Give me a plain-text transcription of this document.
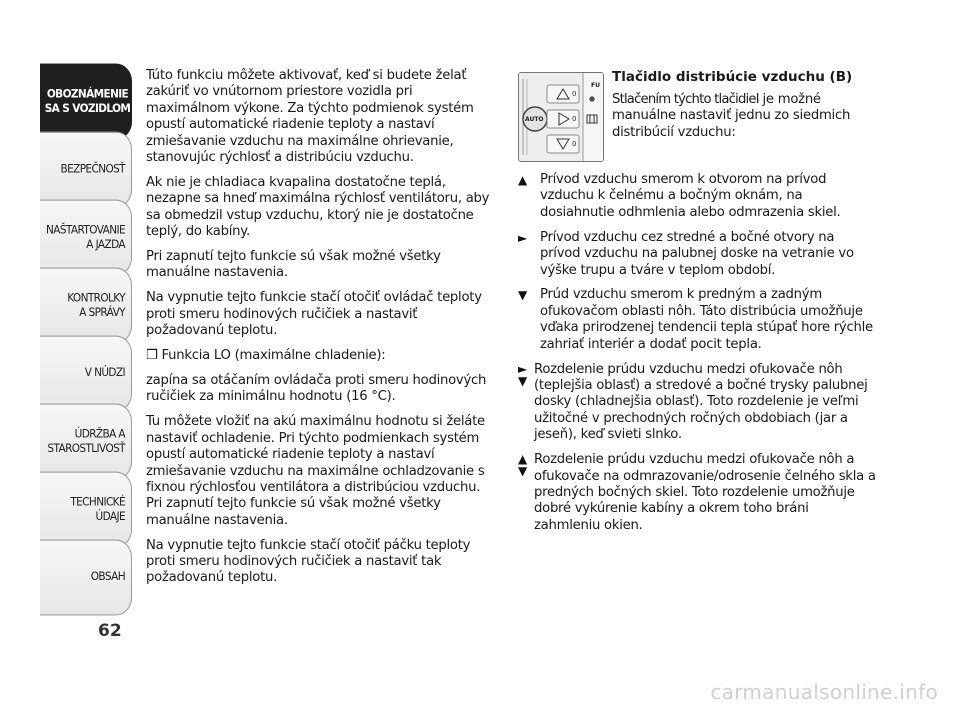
OBOZNÁMENIE
SA S VOZIDLOM
BEZPEČNOSŤ
NAŠTARTOVANIE
A JAZDA
KONTROLKY
A SPRÁVY
V NÚDZI
ÚDRŽBA A
STAROSTLIVOSŤ
TECHNICKÉ
ÚDAJE
OBSAH
62

Túto funkciu môžete aktivovať, keď si budete želať zakúriť vo vnútornom priestore vozidla pri maximálnom výkone. Za týchto podmienok systém opustí automatické riadenie teploty a nastaví zmiešavanie vzduchu na maximálne ohrievanie, stanovujúc rýchlosť a distribúciu vzduchu.

Ak nie je chladiaca kvapalina dostatočne teplá, nezapne sa hneď maximálna rýchlosť ventilátoru, aby sa obmedzil vstup vzduchu, ktorý nie je dostatočne teplý, do kabíny.

Pri zapnutí tejto funkcie sú však možné všetky manuálne nastavenia.

Na vypnutie tejto funkcie stačí otočiť ovládač teploty proti smeru hodinových ručičiek a nastaviť požadovanú teplotu.

❒ Funkcia LO (maximálne chladenie):

zapína sa otáčaním ovládača proti smeru hodinových ručičiek za minimálnu hodnotu (16 °C).

Tu môžete vložiť na akú maximálnu hodnotu si želáte nastaviť ochladenie. Pri týchto podmienkach systém opustí automatické riadenie teploty a nastaví zmiešavanie vzduchu na maximálne ochladzovanie s fixnou rýchlosťou ventilátora a distribúciou vzduchu. Pri zapnutí tejto funkcie sú však možné všetky manuálne nastavenia.

Na vypnutie tejto funkcie stačí otočiť páčku teploty proti smeru hodinových ručičiek a nastaviť tak požadovanú teplotu.

AUTO
FU
0
0
0
Tlačidlo distribúcie vzduchu (B)
Stlačením týchto tlačidiel je možné manuálne nastaviť jednu zo siedmich distribúcií vzduchu:
▲ Prívod vzduchu smerom k otvorom na prívod vzduchu k čelnému a bočným oknám, na dosiahnutie odhmlenia alebo odmrazenia skiel.
► Prívod vzduchu cez stredné a bočné otvory na prívod vzduchu na palubnej doske na vetranie vo výške trupu a tváre v teplom období.
▼ Prúd vzduchu smerom k predným a zadným ofukovačom oblasti nôh. Táto distribúcia umožňuje vďaka prirodzenej tendencii tepla stúpať hore rýchle zahriať interiér a dodať pocit tepla.
►
▼
Rozdelenie prúdu vzduchu medzi ofukovače nôh (teplejšia oblasť) a stredové a bočné trysky palubnej dosky (chladnejšia oblasť). Toto rozdelenie je veľmi užitočné v prechodných ročných obdobiach (jar a jeseň), keď svieti slnko.
▲
▼
Rozdelenie prúdu vzduchu medzi ofukovače nôh a ofukovače na odmrazovanie/odrosenie čelného skla a predných bočných skiel. Toto rozdelenie umožňuje dobré vykúrenie kabíny a okrem toho bráni zahmleniu okien.
carmanualsonline.info
